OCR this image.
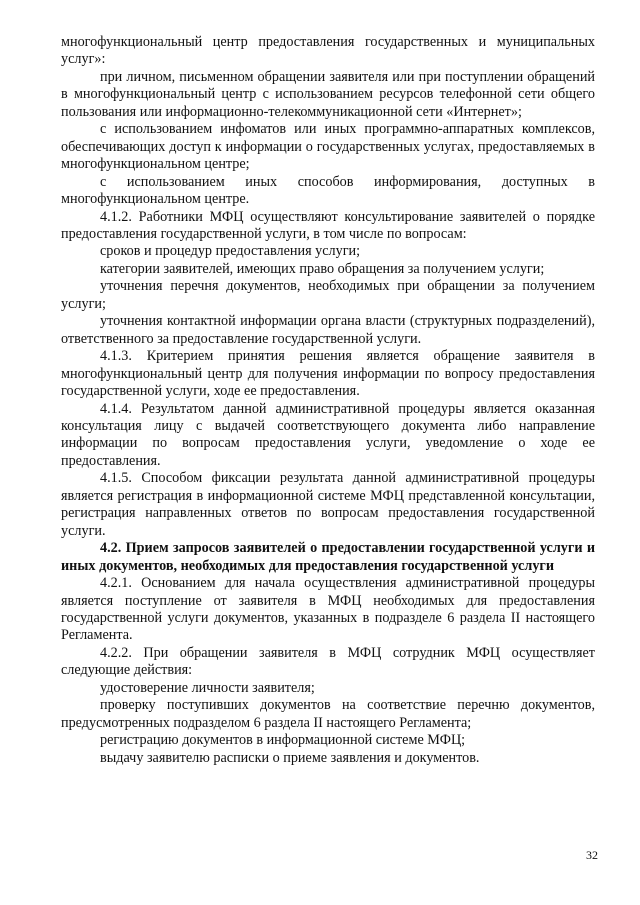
многофункциональный центр предоставления государственных и муниципальных услуг»:

при личном, письменном обращении заявителя или при поступлении обращений в многофункциональный центр с использованием ресурсов телефонной сети общего пользования или информационно-телекоммуникационной сети «Интернет»;

с использованием инфоматов или иных программно-аппаратных комплексов, обеспечивающих доступ к информации о государственных услугах, предоставляемых в многофункциональном центре;

с использованием иных способов информирования, доступных в многофункциональном центре.

4.1.2. Работники МФЦ осуществляют консультирование заявителей о порядке предоставления государственной услуги, в том числе по вопросам:

сроков и процедур предоставления услуги;

категории заявителей, имеющих право обращения за получением услуги;

уточнения перечня документов, необходимых при обращении за получением услуги;

уточнения контактной информации органа власти (структурных подразделений), ответственного за предоставление государственной услуги.

4.1.3. Критерием принятия решения является обращение заявителя в многофункциональный центр для получения информации по вопросу предоставления государственной услуги, ходе ее предоставления.

4.1.4. Результатом данной административной процедуры является оказанная консультация лицу с выдачей соответствующего документа либо направление информации по вопросам предоставления услуги, уведомление о ходе ее предоставления.

4.1.5. Способом фиксации результата данной административной процедуры является регистрация в информационной системе МФЦ представленной консультации, регистрация направленных ответов по вопросам предоставления государственной услуги.

4.2. Прием запросов заявителей о предоставлении государственной услуги и иных документов, необходимых для предоставления государственной услуги

4.2.1. Основанием для начала осуществления административной процедуры является поступление от заявителя в МФЦ необходимых для предоставления государственной услуги документов, указанных в подразделе 6 раздела II настоящего Регламента.

4.2.2. При обращении заявителя в МФЦ сотрудник МФЦ осуществляет следующие действия:

удостоверение личности заявителя;

проверку поступивших документов на соответствие перечню документов, предусмотренных подразделом 6 раздела II настоящего Регламента;

регистрацию документов в информационной системе МФЦ;

выдачу заявителю расписки о приеме заявления и документов.

32
